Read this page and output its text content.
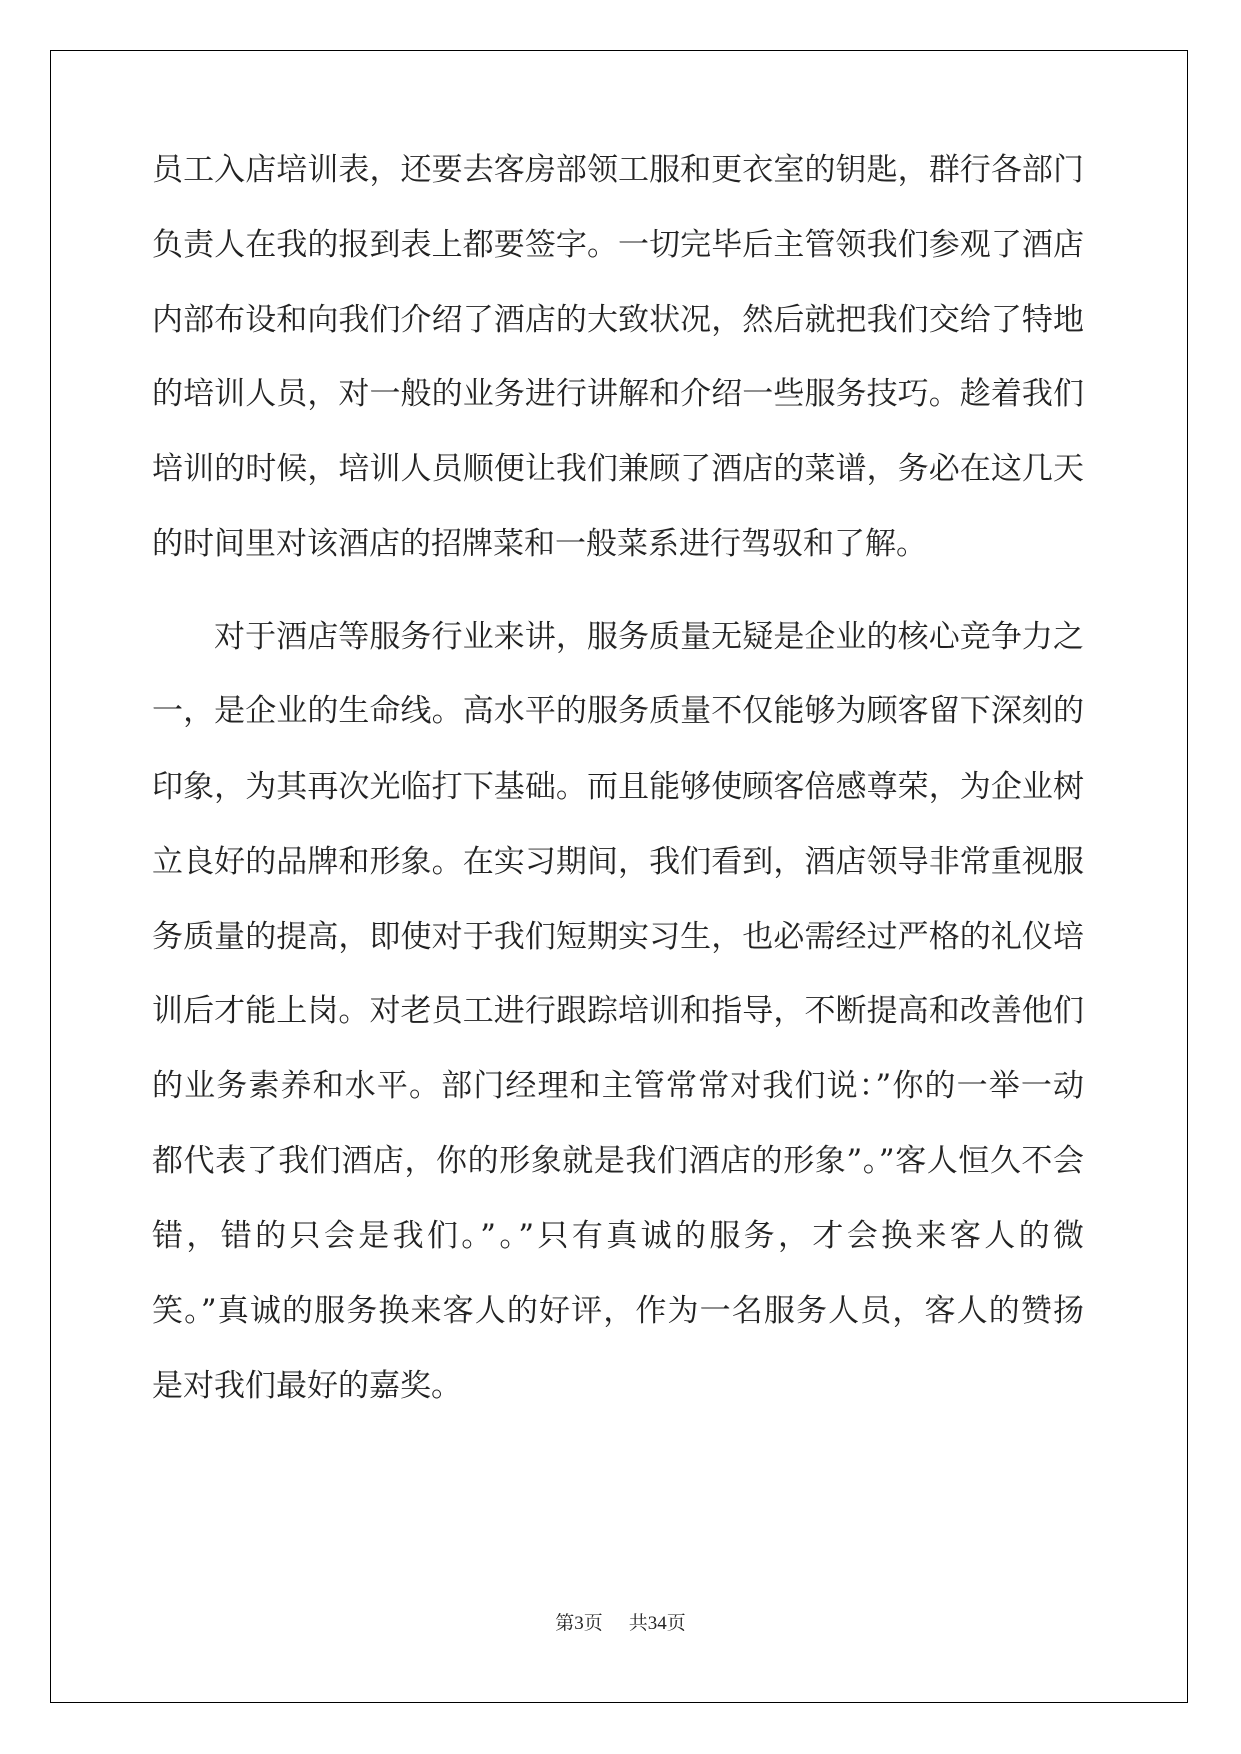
员工入店培训表，还要去客房部领工服和更衣室的钥匙，群行各部门
负责人在我的报到表上都要签字。一切完毕后主管领我们参观了酒店
内部布设和向我们介绍了酒店的大致状况，然后就把我们交给了特地
的培训人员，对一般的业务进行讲解和介绍一些服务技巧。趁着我们
培训的时候，培训人员顺便让我们兼顾了酒店的菜谱，务必在这几天
的时间里对该酒店的招牌菜和一般菜系进行驾驭和了解。
对于酒店等服务行业来讲，服务质量无疑是企业的核心竞争力之
一，是企业的生命线。高水平的服务质量不仅能够为顾客留下深刻的
印象，为其再次光临打下基础。而且能够使顾客倍感尊荣，为企业树
立良好的品牌和形象。在实习期间，我们看到，酒店领导非常重视服
务质量的提高，即使对于我们短期实习生，也必需经过严格的礼仪培
训后才能上岗。对老员工进行跟踪培训和指导，不断提高和改善他们
的业务素养和水平。部门经理和主管常常对我们说：”你的一举一动
都代表了我们酒店，你的形象就是我们酒店的形象”。”客人恒久不会
错，错的只会是我们。”。”只有真诚的服务，才会换来客人的微
笑。”真诚的服务换来客人的好评，作为一名服务人员，客人的赞扬
是对我们最好的嘉奖。
第3页 共34页
